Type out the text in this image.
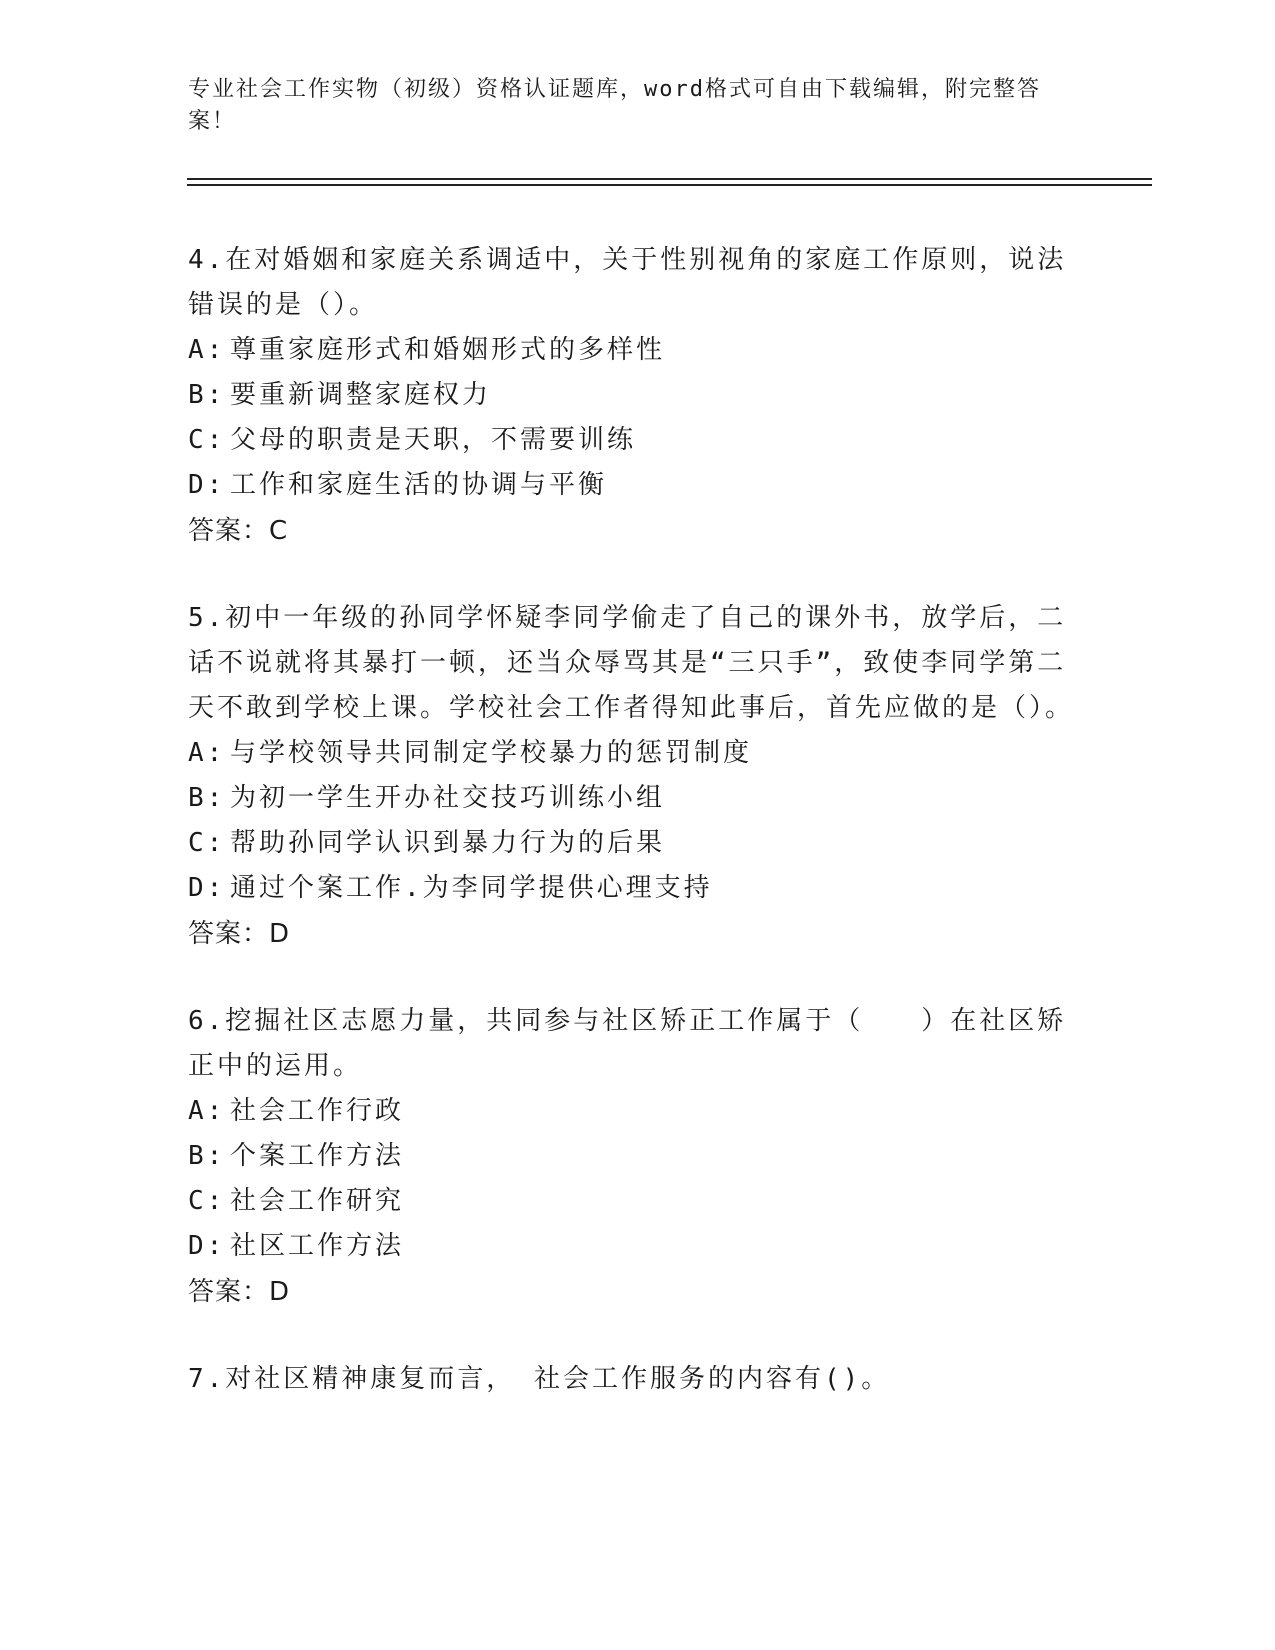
专业社会工作实物（初级）资格认证题库，word格式可自由下载编辑，附完整答案！
4.在对婚姻和家庭关系调适中，关于性别视角的家庭工作原则，说法错误的是（）。
A: 尊重家庭形式和婚姻形式的多样性
B: 要重新调整家庭权力
C: 父母的职责是天职，不需要训练
D: 工作和家庭生活的协调与平衡
答案：C
5.初中一年级的孙同学怀疑李同学偷走了自己的课外书，放学后，二话不说就将其暴打一顿，还当众辱骂其是“三只手”，致使李同学第二天不敢到学校上课。学校社会工作者得知此事后，首先应做的是（）。
A: 与学校领导共同制定学校暴力的惩罚制度
B: 为初一学生开办社交技巧训练小组
C: 帮助孙同学认识到暴力行为的后果
D: 通过个案工作.为李同学提供心理支持
答案：D
6.挖掘社区志愿力量，共同参与社区矫正工作属于（　　）在社区矫正中的运用。
A: 社会工作行政
B: 个案工作方法
C: 社会工作研究
D: 社区工作方法
答案：D
7.对社区精神康复而言， 社会工作服务的内容有()。
